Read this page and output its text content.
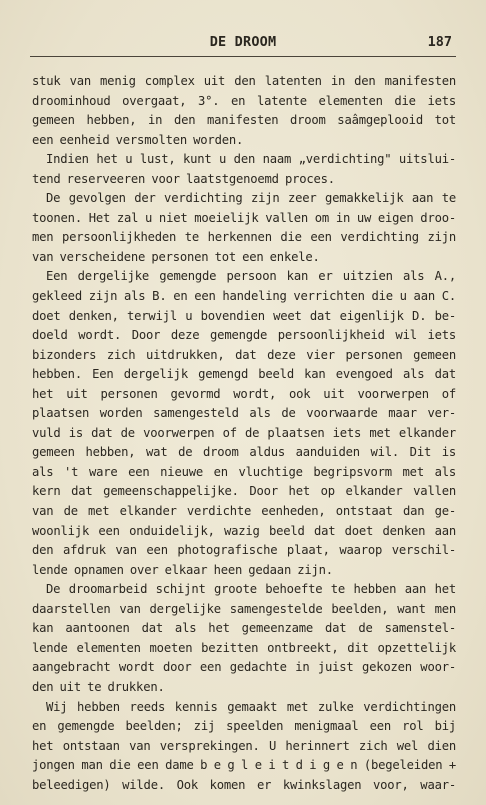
DE DROOM	187
stuk van menig complex uit den latenten in den manifesten
droominhoud overgaat, 3°. en latente elementen die iets
gemeen hebben, in den manifesten droom saâmgeplooid tot
een eenheid versmolten worden.
Indien het u lust, kunt u den naam „verdichting" uitslui-
tend reserveeren voor laatstgenoemd proces.
De gevolgen der verdichting zijn zeer gemakkelijk aan te
toonen. Het zal u niet moeielijk vallen om in uw eigen droo-
men persoonlijkheden te herkennen die een verdichting zijn
van verscheidene personen tot een enkele.
Een dergelijke gemengde persoon kan er uitzien als A.,
gekleed zijn als B. en een handeling verrichten die u aan C.
doet denken, terwijl u bovendien weet dat eigenlijk D. be-
doeld wordt. Door deze gemengde persoonlijkheid wil iets
bizonders zich uitdrukken, dat deze vier personen gemeen
hebben. Een dergelijk gemengd beeld kan evengoed als dat
het uit personen gevormd wordt, ook uit voorwerpen of
plaatsen worden samengesteld als de voorwaarde maar ver-
vuld is dat de voorwerpen of de plaatsen iets met elkander
gemeen hebben, wat de droom aldus aanduiden wil. Dit is
als 't ware een nieuwe en vluchtige begripsvorm met als
kern dat gemeenschappelijke. Door het op elkander vallen
van de met elkander verdichte eenheden, ontstaat dan ge-
woonlijk een onduidelijk, wazig beeld dat doet denken aan
den afdruk van een photografische plaat, waarop verschil-
lende opnamen over elkaar heen gedaan zijn.
De droomarbeid schijnt groote behoefte te hebben aan het
daarstellen van dergelijke samengestelde beelden, want men
kan aantoonen dat als het gemeenzame dat de samenstel-
lende elementen moeten bezitten ontbreekt, dit opzettelijk
aangebracht wordt door een gedachte in juist gekozen woor-
den uit te drukken.
Wij hebben reeds kennis gemaakt met zulke verdichtingen
en gemengde beelden; zij speelden menigmaal een rol bij
het ontstaan van versprekingen. U herinnert zich wel dien
jongen man die een dame b e g l e i t d i g e n (begeleiden +
beleedigen) wilde. Ook komen er kwinkslagen voor, waar-
